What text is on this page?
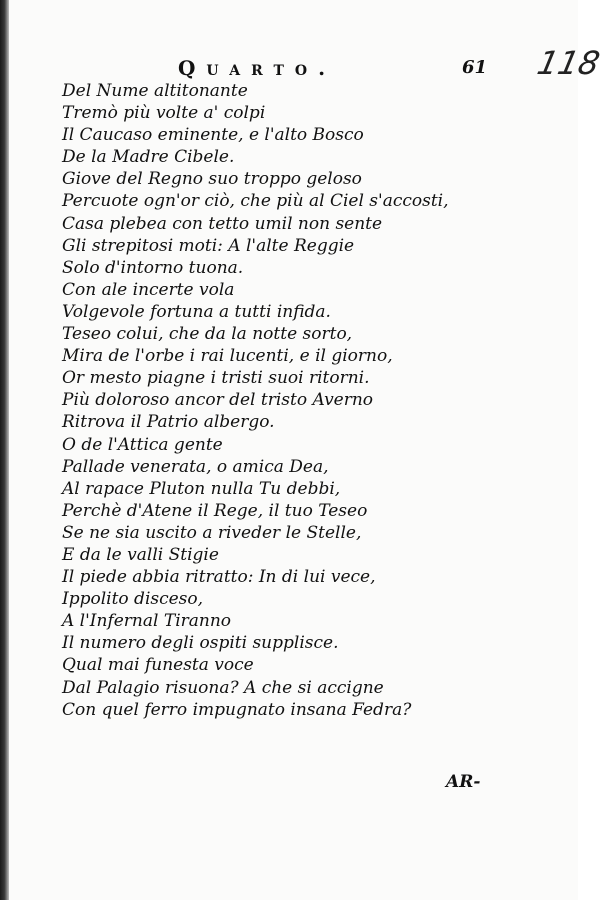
Quarto.	61 118
Del Nume altitonante
Tremò più volte a' colpi
Il Caucaso eminente, e l'alto Bosco
De la Madre Cibele.
Giove del Regno suo troppo geloso
Percuote ogn'or ciò, che più al Ciel s'accosti,
Casa plebea con tetto umil non sente
Gli strepitosi moti: A l'alte Reggie
Solo d'intorno tuona.
Con ale incerte vola
Volgevole fortuna a tutti infida.
Teseo colui, che da la notte sorto,
Mira de l'orbe i rai lucenti, e il giorno,
Or mesto piagne i tristi suoi ritorni.
Più doloroso ancor del tristo Averno
Ritrova il Patrio albergo.
O de l'Attica gente
Pallade venerata, o amica Dea,
Al rapace Pluton nulla Tu debbi,
Perchè d'Atene il Rege, il tuo Teseo
Se ne sia uscito a riveder le Stelle,
E da le valli Stigie
Il piede abbia ritratto: In di lui vece,
Ippolito disceso,
A l'Infernal Tiranno
Il numero degli ospiti supplisce.
Qual mai funesta voce
Dal Palagio risuona? A che si accigne
Con quel ferro impugnato insana Fedra?
AR-
